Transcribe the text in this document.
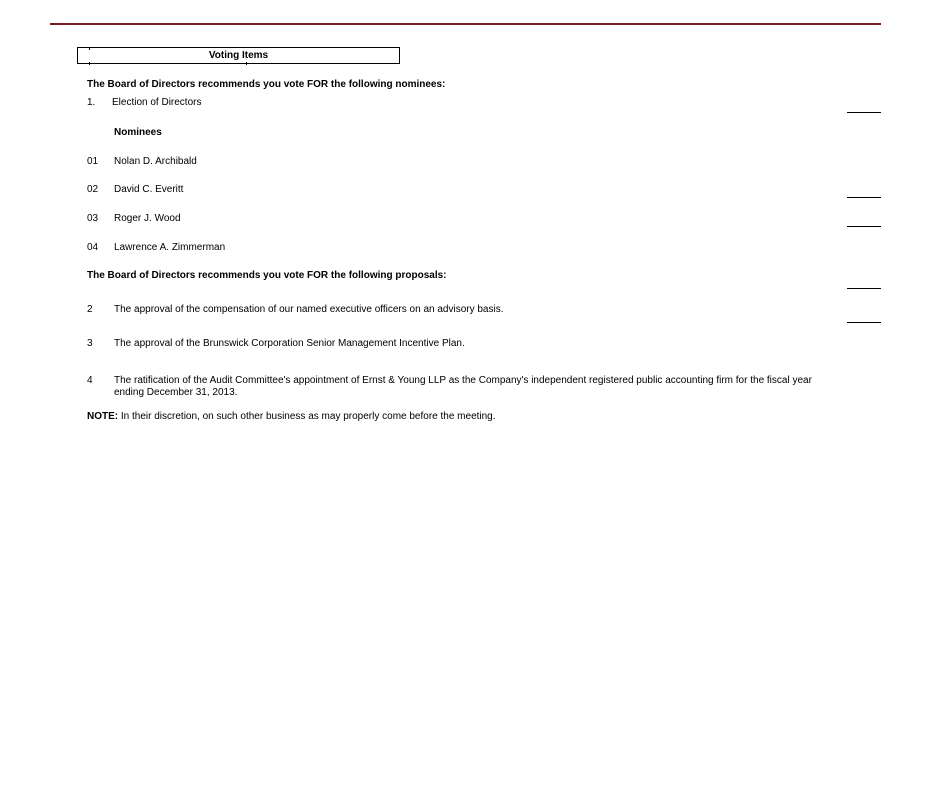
Voting Items
The Board of Directors recommends you vote FOR the following nominees:
1. Election of Directors
Nominees
01 Nolan D. Archibald
02 David C. Everitt
03 Roger J. Wood
04 Lawrence A. Zimmerman
The Board of Directors recommends you vote FOR the following proposals:
2 The approval of the compensation of our named executive officers on an advisory basis.
3 The approval of the Brunswick Corporation Senior Management Incentive Plan.
4 The ratification of the Audit Committee's appointment of Ernst & Young LLP as the Company's independent registered public accounting firm for the fiscal year ending December 31, 2013.
NOTE: In their discretion, on such other business as may properly come before the meeting.
